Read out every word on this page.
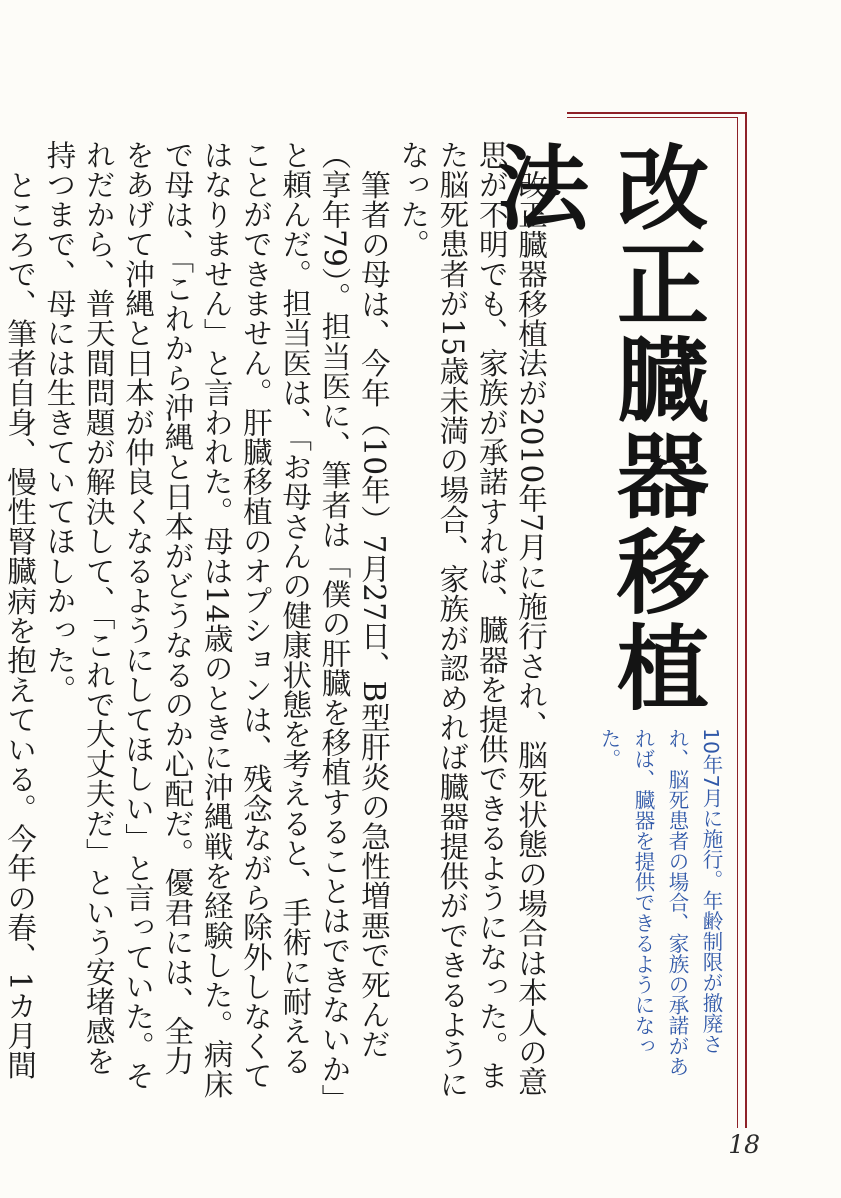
改正臓器移植法が2010年7月に施行され、脳死状態の場合は本人の意思が不明でも、家族が承諾すれば、臓器を提供できるようになった。また脳死患者が15歳未満の場合、家族が認めれば臓器提供ができるようになった。

筆者の母は、今年（10年）7月27日、B型肝炎の急性増悪で死んだ（享年79）。担当医に、筆者は「僕の肝臓を移植することはできないか」と頼んだ。担当医は、「お母さんの健康状態を考えると、手術に耐えることができません。肝臓移植のオプションは、残念ながら除外しなくてはなりません」と言われた。母は14歳のときに沖縄戦を経験した。病床で母は、「これから沖縄と日本がどうなるのか心配だ。優君には、全力をあげて沖縄と日本が仲良くなるようにしてほしい」と言っていた。それだから、普天間問題が解決して、「これで大丈夫だ」という安堵感を持つまで、母には生きていてほしかった。

ところで、筆者自身、慢性腎臓病を抱えている。今年の春、1カ月間

改正臓器移植法
10年7月に施行。年齢制限が撤廃され、脳死患者の場合、家族の承諾があれば、臓器を提供できるようになった。
18
